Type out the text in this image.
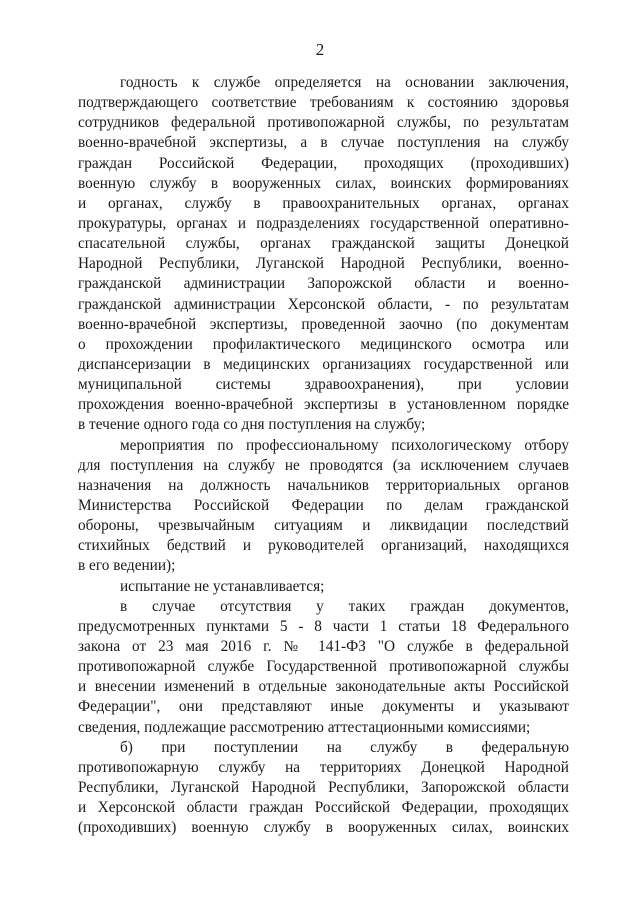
2
годность к службе определяется на основании заключения,
подтверждающего соответствие требованиям к состоянию здоровья
сотрудников федеральной противопожарной службы, по результатам
военно-врачебной экспертизы, а в случае поступления на службу
граждан Российской Федерации, проходящих (проходивших)
военную службу в вооруженных силах, воинских формированиях
и органах, службу в правоохранительных органах, органах
прокуратуры, органах и подразделениях государственной оперативно-
спасательной службы, органах гражданской защиты Донецкой
Народной Республики, Луганской Народной Республики, военно-
гражданской администрации Запорожской области и военно-
гражданской администрации Херсонской области, - по результатам
военно-врачебной экспертизы, проведенной заочно (по документам
о прохождении профилактического медицинского осмотра или
диспансеризации в медицинских организациях государственной или
муниципальной системы здравоохранения), при условии
прохождения военно-врачебной экспертизы в установленном порядке
в течение одного года со дня поступления на службу;
мероприятия по профессиональному психологическому отбору
для поступления на службу не проводятся (за исключением случаев
назначения на должность начальников территориальных органов
Министерства Российской Федерации по делам гражданской
обороны, чрезвычайным ситуациям и ликвидации последствий
стихийных бедствий и руководителей организаций, находящихся
в его ведении);
испытание не устанавливается;
в случае отсутствия у таких граждан документов,
предусмотренных пунктами 5 - 8 части 1 статьи 18 Федерального
закона от 23 мая 2016 г. № 141-ФЗ "О службе в федеральной
противопожарной службе Государственной противопожарной службы
и внесении изменений в отдельные законодательные акты Российской
Федерации", они представляют иные документы и указывают
сведения, подлежащие рассмотрению аттестационными комиссиями;
б) при поступлении на службу в федеральную
противопожарную службу на территориях Донецкой Народной
Республики, Луганской Народной Республики, Запорожской области
и Херсонской области граждан Российской Федерации, проходящих
(проходивших) военную службу в вооруженных силах, воинских
